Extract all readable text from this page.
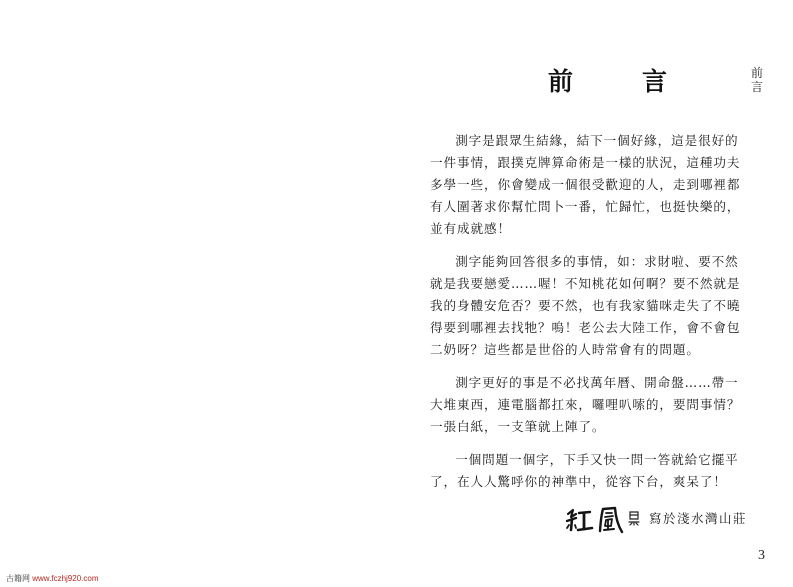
前　言	前
言

測字是跟眾生結緣，結下一個好緣，這是很好的一件事情，跟撲克牌算命術是一樣的狀況，這種功夫多學一些，你會變成一個很受歡迎的人，走到哪裡都有人圍著求你幫忙問卜一番，忙歸忙，也挺快樂的，並有成就感！

測字能夠回答很多的事情，如：求財啦、要不然就是我要戀愛……喔！不知桃花如何啊？要不然就是我的身體安危否？要不然，也有我家貓咪走失了不曉得要到哪裡去找牠？嗚！老公去大陸工作，會不會包二奶呀？這些都是世俗的人時常會有的問題。

測字更好的事是不必找萬年曆、開命盤……帶一大堆東西，連電腦都扛來，囉哩叭嗦的，要問事情？一張白紙，一支筆就上陣了。

一個問題一個字，下手又快一問一答就給它擺平了，在人人驚呼你的神準中，從容下台，爽呆了！

寫於淺水灣山莊
3
古籍网 www.fczhj920.com
